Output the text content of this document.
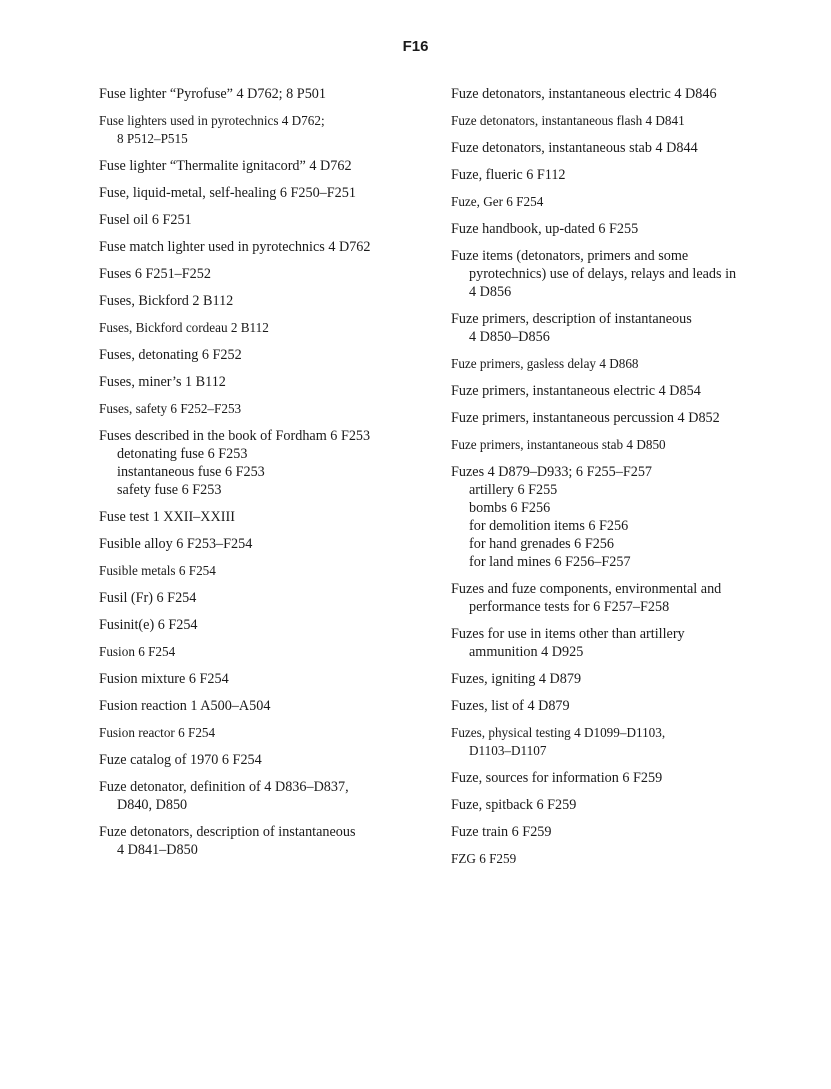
F16
Fuse lighter “Pyrofuse” 4 D762; 8 P501
Fuse lighters used in pyrotechnics 4 D762;
8 P512–P515
Fuse lighter “Thermalite ignitacord” 4 D762
Fuse, liquid-metal, self-healing 6 F250–F251
Fusel oil 6 F251
Fuse match lighter used in pyrotechnics 4 D762
Fuses 6 F251–F252
Fuses, Bickford 2 B112
Fuses, Bickford cordeau 2 B112
Fuses, detonating 6 F252
Fuses, miner’s 1 B112
Fuses, safety 6 F252–F253
Fuses described in the book of Fordham 6 F253
detonating fuse 6 F253
instantaneous fuse 6 F253
safety fuse 6 F253
Fuse test 1 XXII–XXIII
Fusible alloy 6 F253–F254
Fusible metals 6 F254
Fusil (Fr) 6 F254
Fusinit(e) 6 F254
Fusion 6 F254
Fusion mixture 6 F254
Fusion reaction 1 A500–A504
Fusion reactor 6 F254
Fuze catalog of 1970 6 F254
Fuze detonator, definition of 4 D836–D837,
D840, D850
Fuze detonators, description of instantaneous
4 D841–D850
Fuze detonators, instantaneous electric 4 D846
Fuze detonators, instantaneous flash 4 D841
Fuze detonators, instantaneous stab 4 D844
Fuze, flueric 6 F112
Fuze, Ger 6 F254
Fuze handbook, up-dated 6 F255
Fuze items (detonators, primers and some
pyrotechnics) use of delays, relays and leads in
4 D856
Fuze primers, description of instantaneous
4 D850–D856
Fuze primers, gasless delay 4 D868
Fuze primers, instantaneous electric 4 D854
Fuze primers, instantaneous percussion 4 D852
Fuze primers, instantaneous stab 4 D850
Fuzes 4 D879–D933; 6 F255–F257
artillery 6 F255
bombs 6 F256
for demolition items 6 F256
for hand grenades 6 F256
for land mines 6 F256–F257
Fuzes and fuze components, environmental and
performance tests for 6 F257–F258
Fuzes for use in items other than artillery
ammunition 4 D925
Fuzes, igniting 4 D879
Fuzes, list of 4 D879
Fuzes, physical testing 4 D1099–D1103,
D1103–D1107
Fuze, sources for information 6 F259
Fuze, spitback 6 F259
Fuze train 6 F259
FZG 6 F259
